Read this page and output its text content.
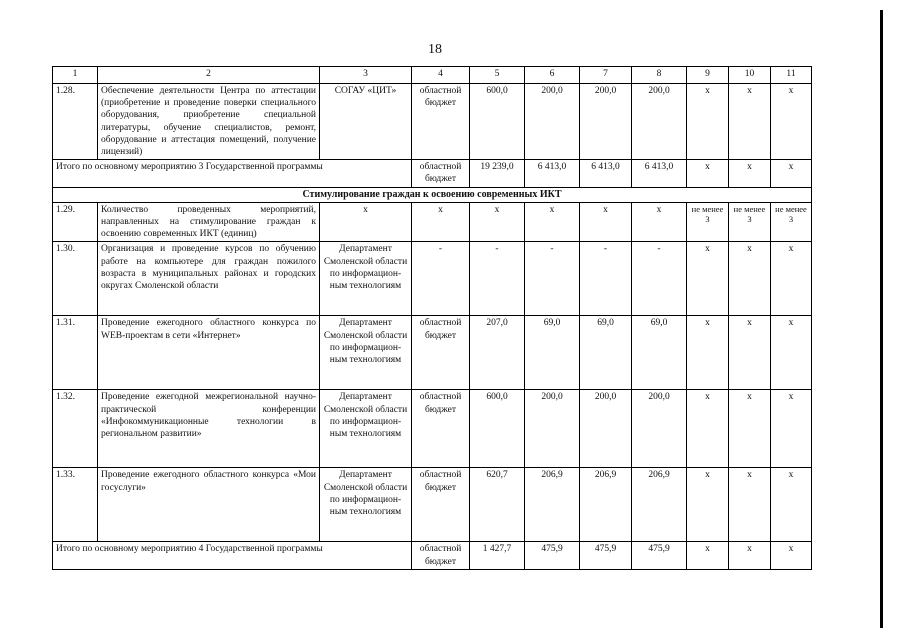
18
1	2	3	4	5	6	7	8	9	10	11
1.28.	Обеспечение деятельности Центра по аттестации (приобретение и проведение поверки специального оборудования, приобретение специальной литературы, обучение специалистов, ремонт, оборудование и аттестация помещений, получение лицензий)	СОГАУ «ЦИТ»	областной бюджет	600,0	200,0	200,0	200,0	х	х	х
Итого по основному мероприятию 3 Государственной программы			областной бюджет	19 239,0	6 413,0	6 413,0	6 413,0	х	х	х
Стимулирование граждан к освоению современных ИКТ										
1.29.	Количество проведенных мероприятий, направленных на стимулирование граждан к освоению современных ИКТ (единиц)	х	х	х	х	х	х	не менее 3	не менее 3	не менее 3
1.30.	Организация и проведение курсов по обучению работе на компьютере для граждан пожилого возраста в муниципальных районах и городских округах Смоленской области	Департамент Смоленской области по информацион-ным технологиям	-	-	-	-	-	х	х	х
1.31.	Проведение ежегодного областного конкурса по WEB-проектам в сети «Интернет»	Департамент Смоленской области по информацион-ным технологиям	областной бюджет	207,0	69,0	69,0	69,0	х	х	х
1.32.	Проведение ежегодной межрегиональной научно-практической конференции «Инфокоммуникационные технологии в региональном развитии»	Департамент Смоленской области по информацион-ным технологиям	областной бюджет	600,0	200,0	200,0	200,0	х	х	х
1.33.	Проведение ежегодного областного конкурса «Мои госуслуги»	Департамент Смоленской области по информацион-ным технологиям	областной бюджет	620,7	206,9	206,9	206,9	х	х	х
Итого по основному мероприятию 4 Государственной программы			областной бюджет	1 427,7	475,9	475,9	475,9	х	х	х
